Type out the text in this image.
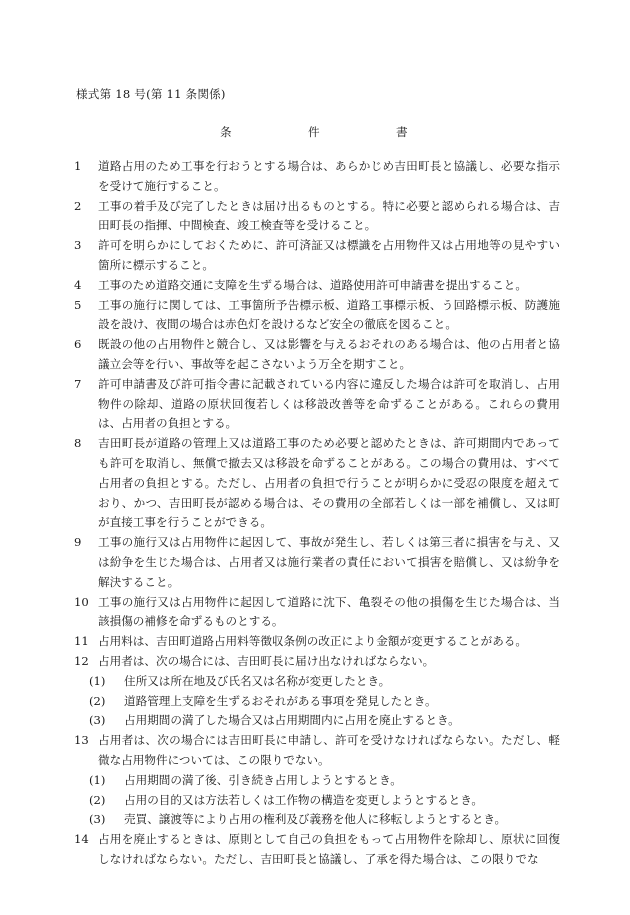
様式第 18 号(第 11 条関係)
条	件	書
1	道路占用のため工事を行おうとする場合は、あらかじめ吉田町長と協議し、必要な指示を受けて施行すること。
2	工事の着手及び完了したときは届け出るものとする。特に必要と認められる場合は、吉田町長の指揮、中間検査、竣工検査等を受けること。
3	許可を明らかにしておくために、許可済証又は標識を占用物件又は占用地等の見やすい箇所に標示すること。
4	工事のため道路交通に支障を生ずる場合は、道路使用許可申請書を提出すること。
5	工事の施行に関しては、工事箇所予告標示板、道路工事標示板、う回路標示板、防護施設を設け、夜間の場合は赤色灯を設けるなど安全の徹底を図ること。
6	既設の他の占用物件と競合し、又は影響を与えるおそれのある場合は、他の占用者と協議立会等を行い、事故等を起こさないよう万全を期すこと。
7	許可申請書及び許可指令書に記載されている内容に違反した場合は許可を取消し、占用物件の除却、道路の原状回復若しくは移設改善等を命ずることがある。これらの費用は、占用者の負担とする。
8	吉田町長が道路の管理上又は道路工事のため必要と認めたときは、許可期間内であっても許可を取消し、無償で撤去又は移設を命ずることがある。この場合の費用は、すべて占用者の負担とする。ただし、占用者の負担で行うことが明らかに受忍の限度を超えており、かつ、吉田町長が認める場合は、その費用の全部若しくは一部を補償し、又は町が直接工事を行うことができる。
9	工事の施行又は占用物件に起因して、事故が発生し、若しくは第三者に損害を与え、又は紛争を生じた場合は、占用者又は施行業者の責任において損害を賠償し、又は紛争を解決すること。
10 工事の施行又は占用物件に起因して道路に沈下、亀裂その他の損傷を生じた場合は、当該損傷の補修を命ずるものとする。
11 占用料は、吉田町道路占用料等徴収条例の改正により金額が変更することがある。
12 占用者は、次の場合には、吉田町長に届け出なければならない。
(1)	住所又は所在地及び氏名又は名称が変更したとき。
(2)	道路管理上支障を生ずるおそれがある事項を発見したとき。
(3)	占用期間の満了した場合又は占用期間内に占用を廃止するとき。
13 占用者は、次の場合には吉田町長に申請し、許可を受けなければならない。ただし、軽微な占用物件については、この限りでない。
(1)	占用期間の満了後、引き続き占用しようとするとき。
(2)	占用の目的又は方法若しくは工作物の構造を変更しようとするとき。
(3)	売買、譲渡等により占用の権利及び義務を他人に移転しようとするとき。
14 占用を廃止するときは、原則として自己の負担をもって占用物件を除却し、原状に回復しなければならない。ただし、吉田町長と協議し、了承を得た場合は、この限りでな
